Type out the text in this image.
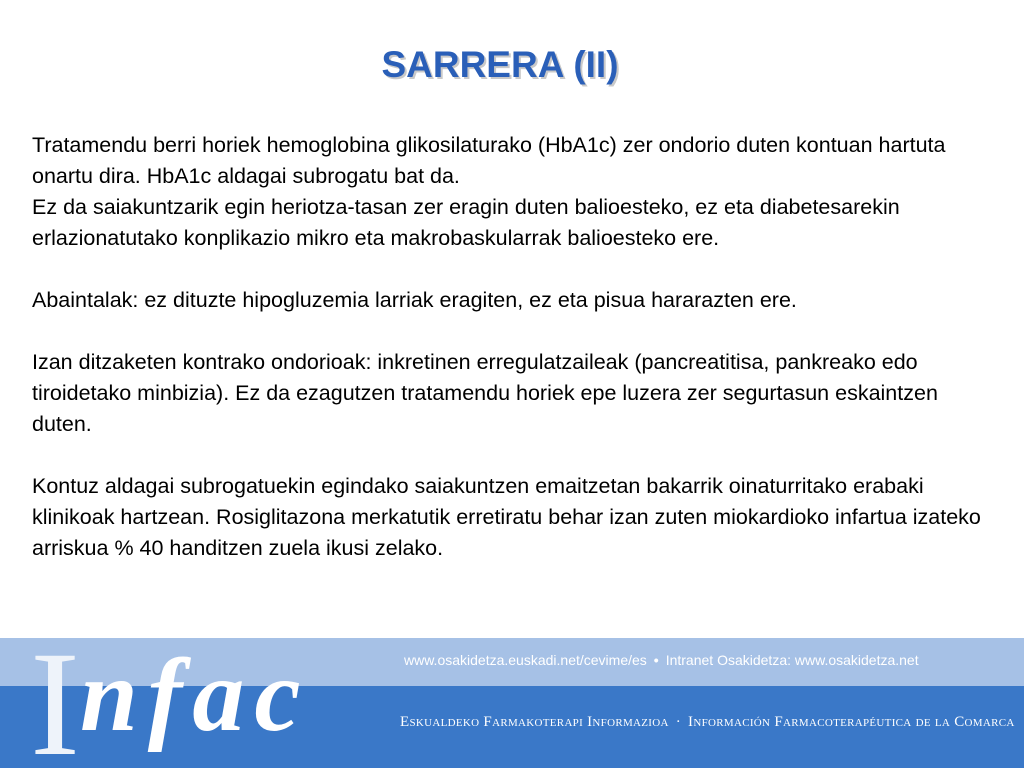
SARRERA (II)

Tratamendu berri horiek hemoglobina glikosilaturako (HbA1c) zer ondorio duten kontuan hartuta onartu dira. HbA1c aldagai subrogatu bat da.

Ez da saiakuntzarik egin heriotza-tasan zer eragin duten balioesteko, ez eta diabetesarekin erlazionatutako konplikazio mikro eta makrobaskularrak balioesteko ere.

Abaintalak: ez dituzte hipogluzemia larriak eragiten, ez eta pisua hararazten ere.

Izan ditzaketen kontrako ondorioak: inkretinen erregulatzaileak (pancreatitisa, pankreako edo tiroidetako minbizia). Ez da ezagutzen tratamendu horiek epe luzera zer segurtasun eskaintzen duten.

Kontuz aldagai subrogatuekin egindako saiakuntzen emaitzetan bakarrik oinaturritako erabaki klinikoak hartzean. Rosiglitazona merkatutik erretiratu behar izan zuten miokardioko infartua izateko arriskua % 40 handitzen zuela ikusi zelako.

Infac	www.osakidetza.euskadi.net/cevime/es • Intranet Osakidetza: www.osakidetza.net
Eskualdeko Farmakoterapi Informazioa · Información Farmacoterapéutica de la Comarca
